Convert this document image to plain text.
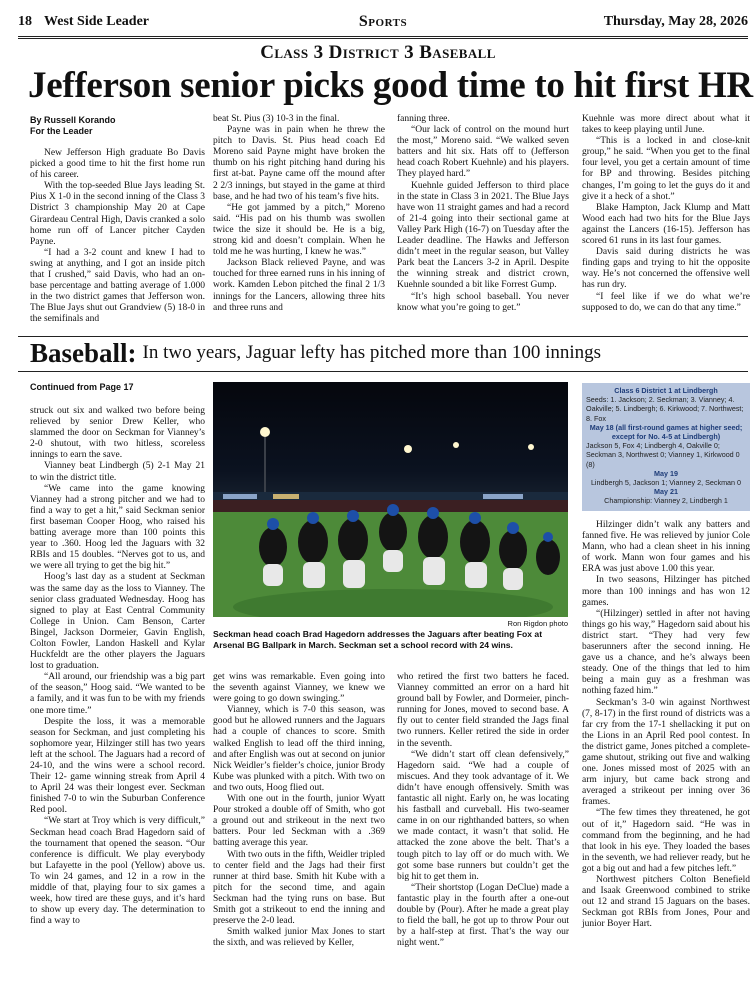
18 West Side Leader	Sports	Thursday, May 28, 2026
Class 3 District 3 Baseball
Jefferson senior picks good time to hit first HR
By Russell Korando
For the Leader

New Jefferson High graduate Bo Davis picked a good time to hit the first home run of his career.

With the top-seeded Blue Jays leading St. Pius X 1-0 in the second inning of the Class 3 District 3 championship May 20 at Cape Girardeau Central High, Davis cranked a solo home run off of Lancer pitcher Cayden Payne.

“I had a 3-2 count and knew I had to swing at anything, and I got an inside pitch that I crushed,” said Davis, who had an on-base percentage and batting average of 1.000 in the two district games that Jefferson won. The Blue Jays shut out Grandview (5) 18-0 in the semifinals and

beat St. Pius (3) 10-3 in the final.

Payne was in pain when he threw the pitch to Davis. St. Pius head coach Ed Moreno said Payne might have broken the thumb on his right pitching hand during his first at-bat. Payne came off the mound after 2 2/3 innings, but stayed in the game at third base, and he had two of his team’s five hits.

“He got jammed by a pitch,” Moreno said. “His pad on his thumb was swollen twice the size it should be. He is a big, strong kid and doesn’t complain. When he told me he was hurting, I knew he was.”

Jackson Black relieved Payne, and was touched for three earned runs in his inning of work. Kamden Lebon pitched the final 2 1/3 innings for the Lancers, allowing three hits and three runs and

fanning three.

“Our lack of control on the mound hurt the most,” Moreno said. “We walked seven batters and hit six. Hats off to (Jefferson head coach Robert Kuehnle) and his players. They played hard.”

Kuehnle guided Jefferson to third place in the state in Class 3 in 2021. The Blue Jays have won 11 straight games and had a record of 21-4 going into their sectional game at Valley Park High (16-7) on Tuesday after the Leader deadline. The Hawks and Jefferson didn’t meet in the regular season, but Valley Park beat the Lancers 3-2 in April. Despite the winning streak and district crown, Kuehnle sounded a bit like Forrest Gump.

“It’s high school baseball. You never know what you’re going to get.”

Kuehnle was more direct about what it takes to keep playing until June.

“This is a locked in and close-knit group,” he said. “When you get to the final four level, you get a certain amount of time for BP and throwing. Besides pitching changes, I’m going to let the guys do it and give it a heck of a shot.”

Blake Hampton, Jack Klump and Matt Wood each had two hits for the Blue Jays against the Lancers (16-15). Jefferson has scored 61 runs in its last four games.

Davis said during districts he was finding gaps and trying to hit the opposite way. He’s not concerned the offensive well has run dry.

“I feel like if we do what we’re supposed to do, we can do that any time.”

Baseball: In two years, Jaguar lefty has pitched more than 100 innings
Continued from Page 17

struck out six and walked two before being relieved by senior Drew Keller, who slammed the door on Seckman for Vianney’s 2-0 shutout, with two hitless, scoreless innings to earn the save.

Vianney beat Lindbergh (5) 2-1 May 21 to win the district title.

“We came into the game knowing Vianney had a strong pitcher and we had to find a way to get a hit,” said Seckman senior first baseman Cooper Hoog, who raised his batting average more than 100 points this year to .360. Hoog led the Jaguars with 32 RBIs and 15 doubles. “Nerves got to us, and we were all trying to get the big hit.”

Hoog’s last day as a student at Seckman was the same day as the loss to Vianney. The senior class graduated Wednesday. Hoog has signed to play at East Central Community College in Union. Cam Benson, Carter Bingel, Jackson Dormeier, Gavin English, Colton Fowler, Landon Haskell and Kylar Huckfeldt are the other players the Jaguars lost to graduation.

“All around, our friendship was a big part of the season,” Hoog said. “We wanted to be a family, and it was fun to be with my friends one more time.”

Despite the loss, it was a memorable season for Seckman, and just completing his sophomore year, Hilzinger still has two years left at the school. The Jaguars had a record of 24-10, and the wins were a school record. Their 12- game winning streak from April 4 to April 24 was their longest ever. Seckman finished 7-0 to win the Suburban Conference Red pool.

“We start at Troy which is very difficult,” Seckman head coach Brad Hagedorn said of the tournament that opened the season. “Our conference is difficult. We play everybody but Lafayette in the pool (Yellow) above us. To win 24 games, and 12 in a row in the middle of that, playing four to six games a week, how tired are these guys, and it’s hard to show up every day. The determination to find a way to

Ron Rigdon photo
Seckman head coach Brad Hagedorn addresses the Jaguars after beating Fox at Arsenal BG Ballpark in March. Seckman set a school record with 24 wins.
Class 6 District 1 at Lindbergh
Seeds: 1. Jackson; 2. Seckman; 3. Vianney; 4. Oakville; 5. Lindbergh; 6. Kirkwood; 7. Northwest; 8. Fox
May 18 (all first-round games at higher seed; except for No. 4-5 at Lindbergh)
Jackson 5, Fox 4; Lindbergh 4, Oakville 0; Seckman 3, Northwest 0; Vianney 1, Kirkwood 0 (8)
May 19
Lindbergh 5, Jackson 1; Vianney 2, Seckman 0
May 21
Championship: Vianney 2, Lindbergh 1

get wins was remarkable. Even going into the seventh against Vianney, we knew we were going to go down swinging.”

Vianney, which is 7-0 this season, was good but he allowed runners and the Jaguars had a couple of chances to score. Smith walked English to lead off the third inning, and after English was out at second on junior Nick Weidler’s fielder’s choice, junior Brody Kube was plunked with a pitch. With two on and two outs, Hoog flied out.

With one out in the fourth, junior Wyatt Pour stroked a double off of Smith, who got a ground out and strikeout in the next two batters. Pour led Seckman with a .369 batting average this year.

With two outs in the fifth, Weidler tripled to center field and the Jags had their first runner at third base. Smith hit Kube with a pitch for the second time, and again Seckman had the tying runs on base. But Smith got a strikeout to end the inning and preserve the 2-0 lead.

Smith walked junior Max Jones to start the sixth, and was relieved by Keller,

who retired the first two batters he faced. Vianney committed an error on a hard hit ground ball by Fowler, and Dormeier, pinch-running for Jones, moved to second base. A fly out to center field stranded the Jags final two runners. Keller retired the side in order in the seventh.

“We didn’t start off clean defensively,” Hagedorn said. “We had a couple of miscues. And they took advantage of it. We didn’t have enough offensively. Smith was fantastic all night. Early on, he was locating his fastball and curveball. His two-seamer came in on our righthanded batters, so when we made contact, it wasn’t that solid. He attacked the zone above the belt. That’s a tough pitch to lay off or do much with. We got some base runners but couldn’t get the big hit to get them in.

“Their shortstop (Logan DeClue) made a fantastic play in the fourth after a one-out double by (Pour). After he made a great play to field the ball, he got up to throw Pour out by a half-step at first. That’s the way our night went.”

Hilzinger didn’t walk any batters and fanned five. He was relieved by junior Cole Mann, who had a clean sheet in his inning of work. Mann won four games and his ERA was just above 1.00 this year.

In two seasons, Hilzinger has pitched more than 100 innings and has won 12 games.

“(Hilzinger) settled in after not having things go his way,” Hagedorn said about his district start. “They had very few baserunners after the second inning. He gave us a chance, and he’s always been steady. One of the things that led to him being a main guy as a freshman was nothing fazed him.”

Seckman’s 3-0 win against Northwest (7, 8-17) in the first round of districts was a far cry from the 17-1 shellacking it put on the Lions in an April Red pool contest. In the district game, Jones pitched a complete-game shutout, striking out five and walking one. Jones missed most of 2025 with an arm injury, but came back strong and averaged a strikeout per inning over 36 frames.

“The few times they threatened, he got out of it,” Hagedorn said. “He was in command from the beginning, and he had that look in his eye. They loaded the bases in the seventh, we had reliever ready, but he got a big out and had a few pitches left.”

Northwest pitchers Colton Benefield and Isaak Greenwood combined to strike out 12 and strand 15 Jaguars on the bases. Seckman got RBIs from Jones, Pour and junior Boyer Hart.
